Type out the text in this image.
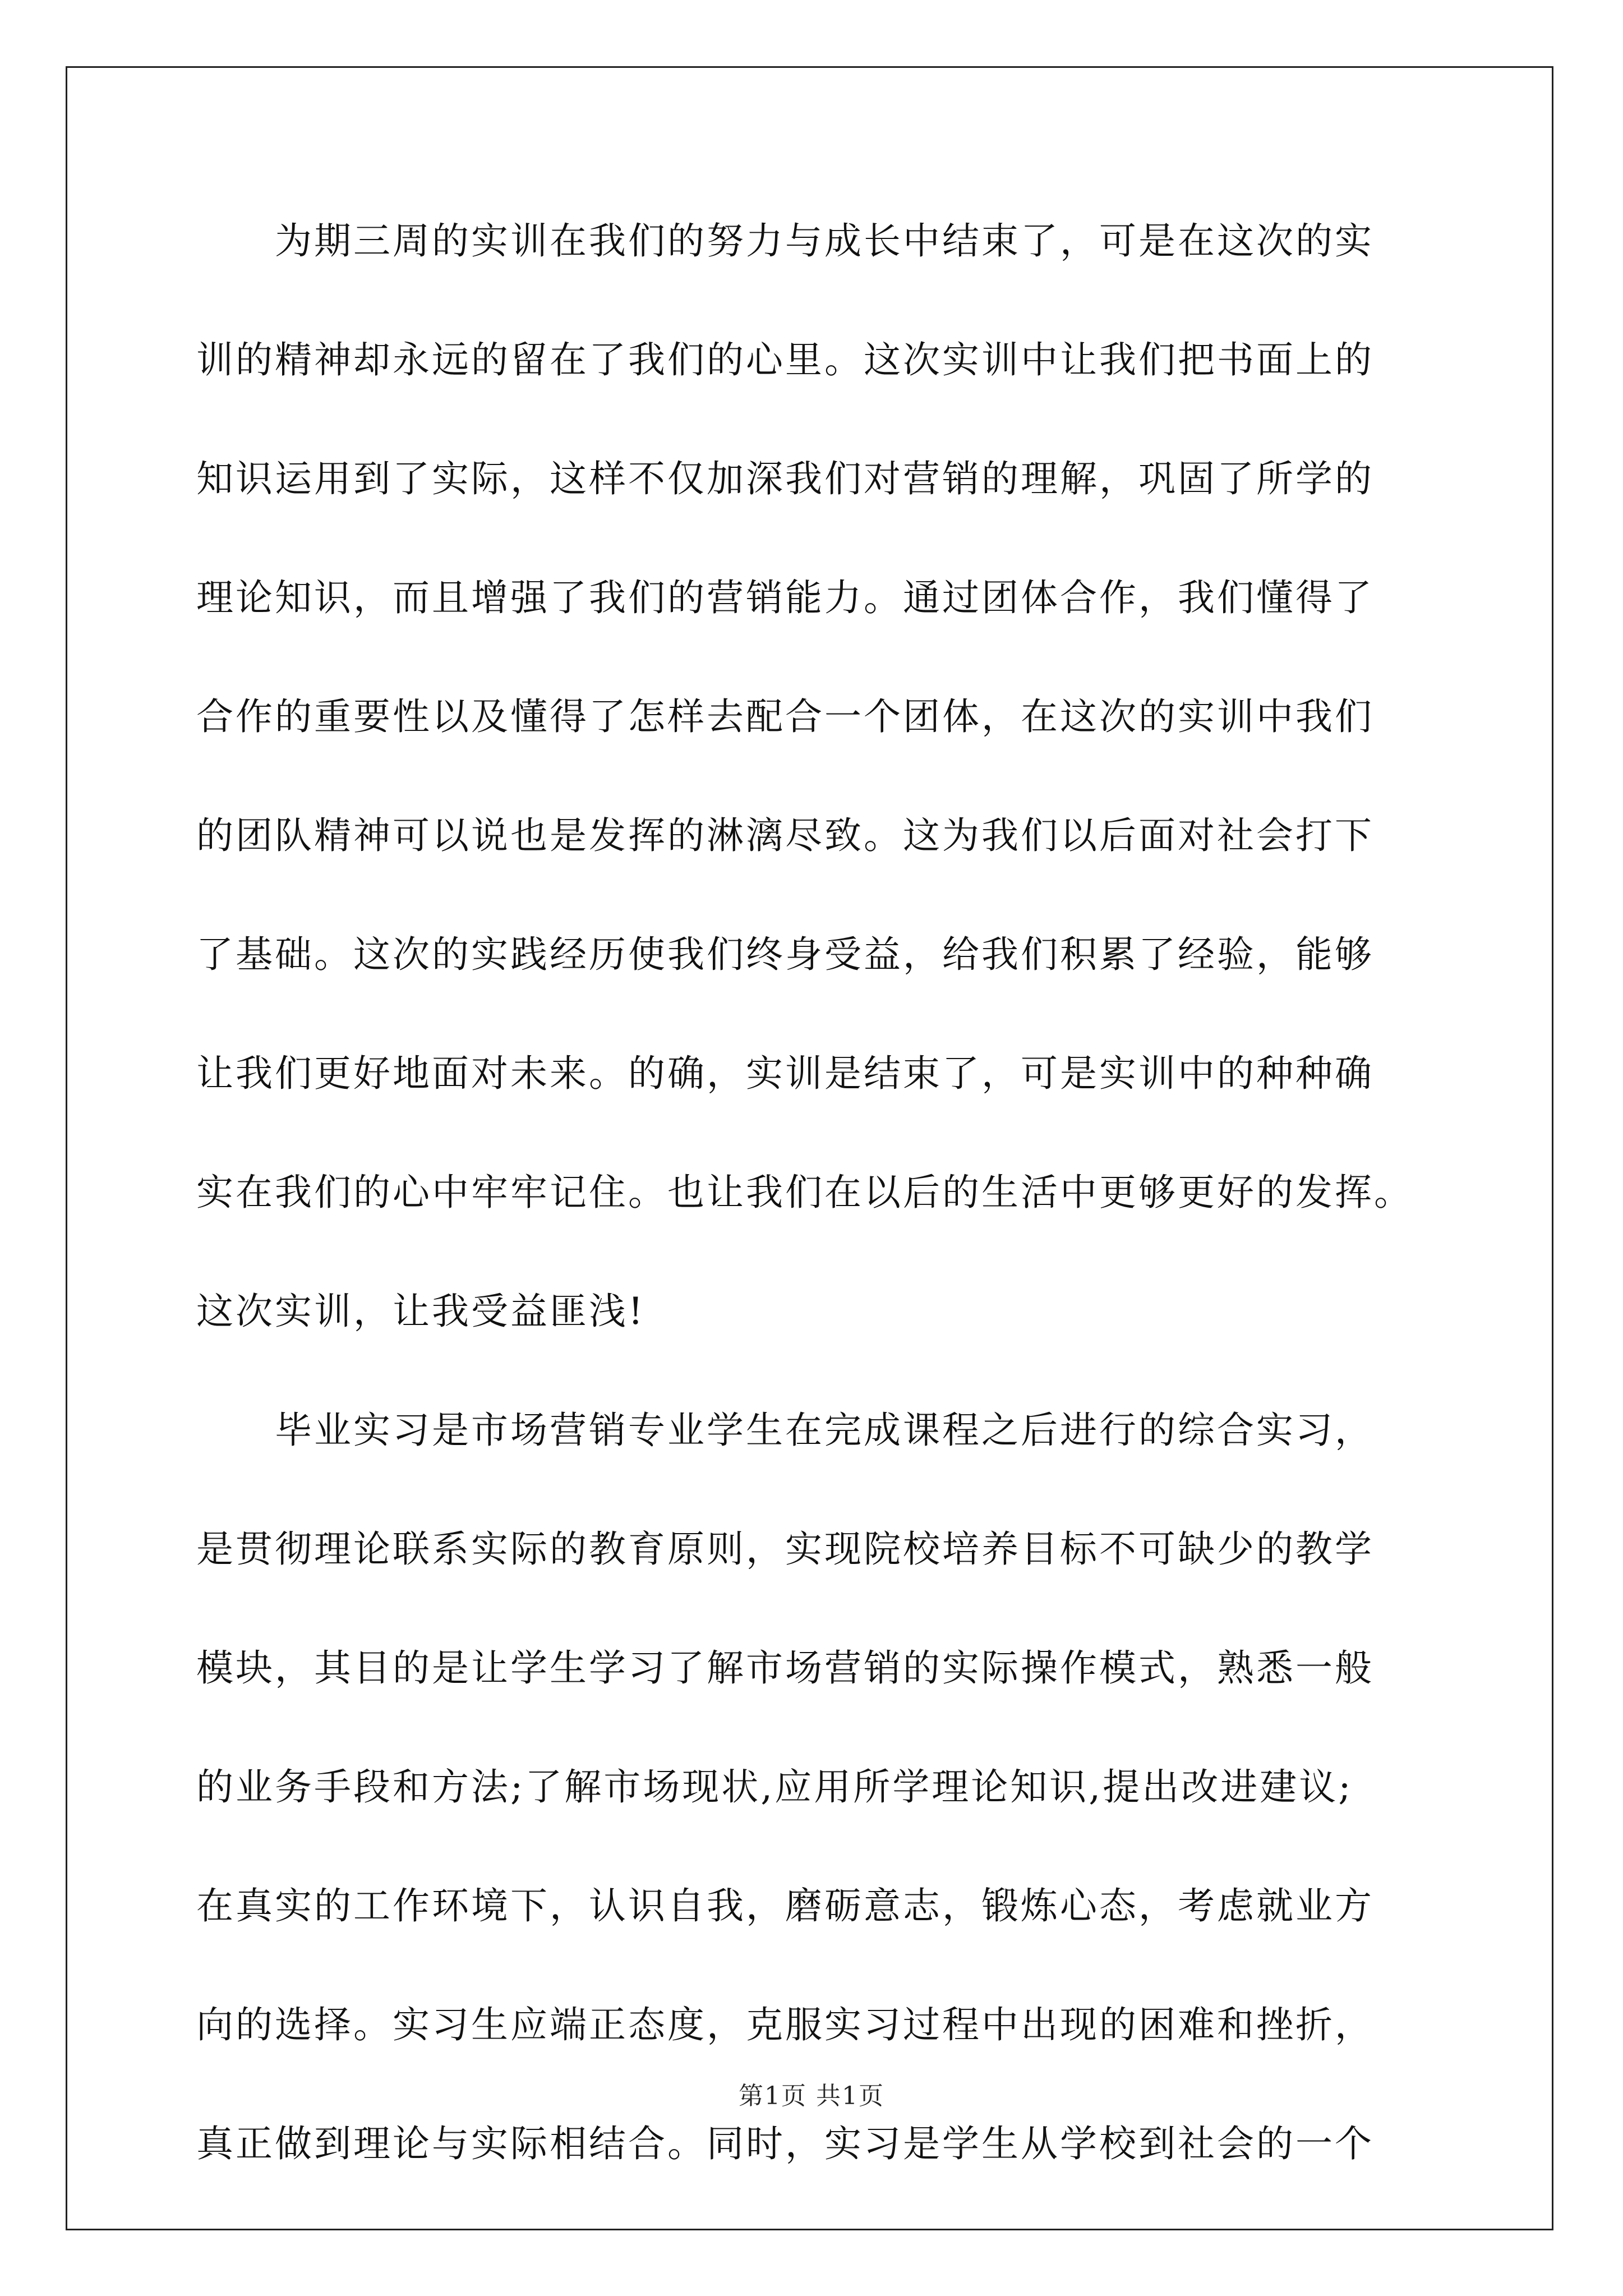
　　为期三周的实训在我们的努力与成长中结束了，可是在这次的实
训的精神却永远的留在了我们的心里。这次实训中让我们把书面上的
知识运用到了实际，这样不仅加深我们对营销的理解，巩固了所学的
理论知识，而且增强了我们的营销能力。通过团体合作，我们懂得了
合作的重要性以及懂得了怎样去配合一个团体，在这次的实训中我们
的团队精神可以说也是发挥的淋漓尽致。这为我们以后面对社会打下
了基础。这次的实践经历使我们终身受益，给我们积累了经验，能够
让我们更好地面对未来。的确，实训是结束了，可是实训中的种种确
实在我们的心中牢牢记住。也让我们在以后的生活中更够更好的发挥。
这次实训，让我受益匪浅!
　　毕业实习是市场营销专业学生在完成课程之后进行的综合实习，
是贯彻理论联系实际的教育原则，实现院校培养目标不可缺少的教学
模块，其目的是让学生学习了解市场营销的实际操作模式，熟悉一般
的业务手段和方法;了解市场现状,应用所学理论知识,提出改进建议;
在真实的工作环境下，认识自我，磨砺意志，锻炼心态，考虑就业方
向的选择。实习生应端正态度，克服实习过程中出现的困难和挫折，
真正做到理论与实际相结合。同时，实习是学生从学校到社会的一个
第1页 共1页
